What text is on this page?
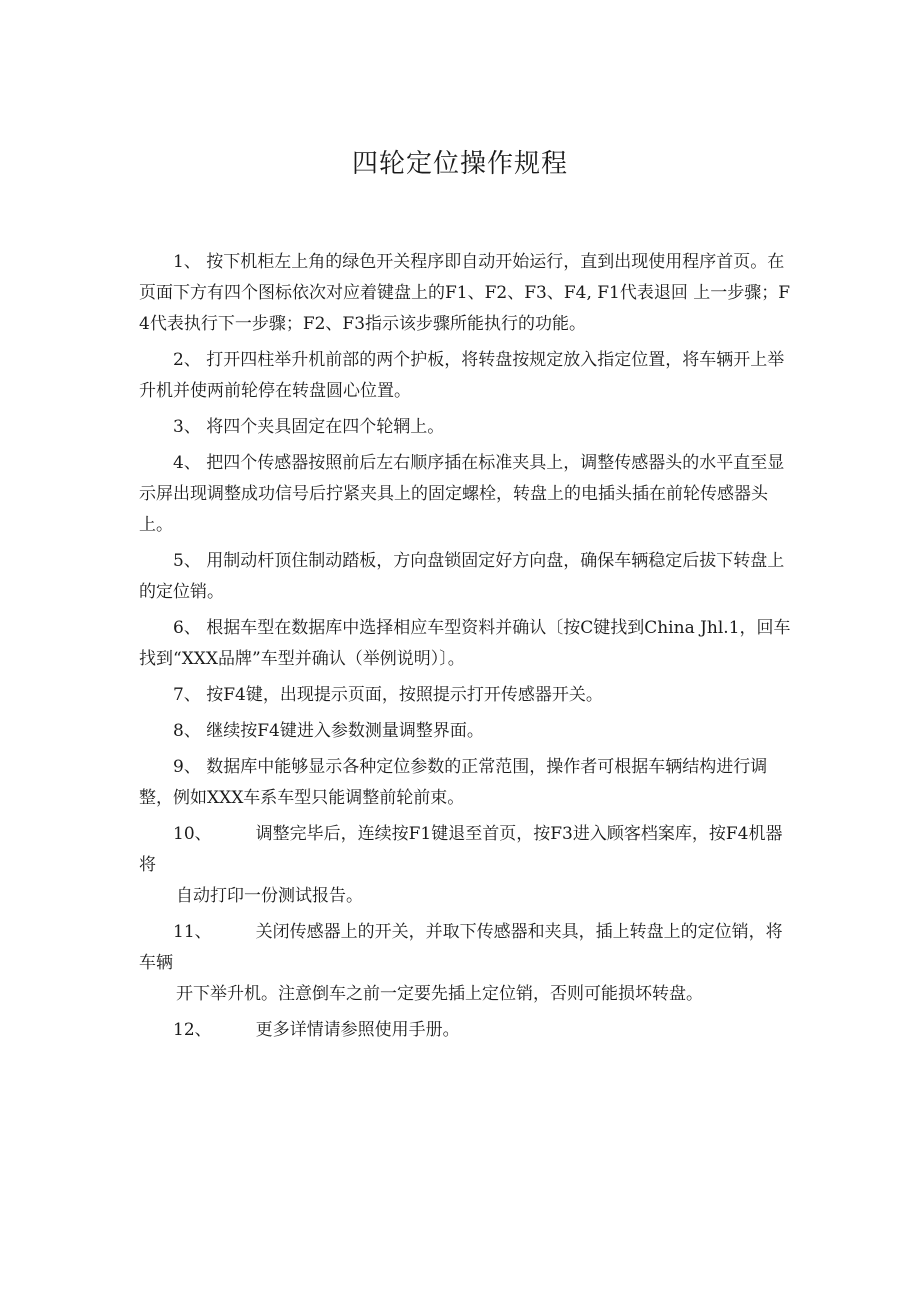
四轮定位操作规程

1、 按下机柜左上角的绿色开关程序即自动开始运行，直到出现使用程序首页。在页面下方有四个图标依次对应着键盘上的F1、F2、F3、F4, F1代表退回 上一步骤；F4代表执行下一步骤；F2、F3指示该步骤所能执行的功能。

2、 打开四柱举升机前部的两个护板，将转盘按规定放入指定位置，将车辆开上举升机并使两前轮停在转盘圆心位置。

3、 将四个夹具固定在四个轮辋上。

4、 把四个传感器按照前后左右顺序插在标准夹具上，调整传感器头的水平直至显示屏出现调整成功信号后拧紧夹具上的固定螺栓，转盘上的电插头插在前轮传感器头上。

5、 用制动杆顶住制动踏板，方向盘锁固定好方向盘，确保车辆稳定后拔下转盘上的定位销。

6、 根据车型在数据库中选择相应车型资料并确认〔按C键找到China Jhl.1，回车找到“XXX品牌”车型并确认（举例说明）〕。

7、 按F4键，出现提示页面，按照提示打开传感器开关。

8、 继续按F4键进入参数测量调整界面。

9、 数据库中能够显示各种定位参数的正常范围，操作者可根据车辆结构进行调整，例如XXX车系车型只能调整前轮前束。

10、	调整完毕后，连续按F1键退至首页，按F3进入顾客档案库，按F4机器将

自动打印一份测试报告。

11、	关闭传感器上的开关，并取下传感器和夹具，插上转盘上的定位销，将 车辆

开下举升机。注意倒车之前一定要先插上定位销，否则可能损坏转盘。

12、	更多详情请参照使用手册。
